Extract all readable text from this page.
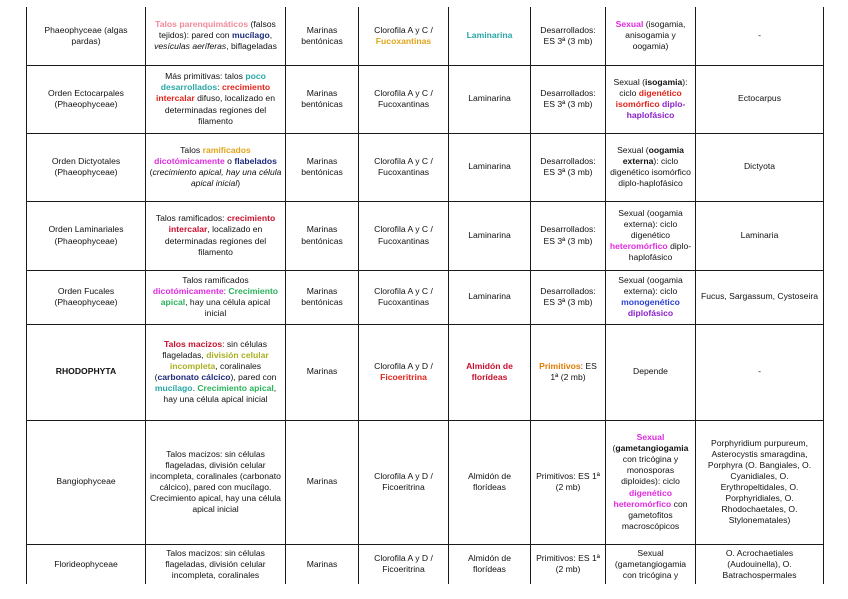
Phaeophyceae (algas pardas)	Talos parenquimáticos (falsos tejidos): pared con mucílago, vesículas aeríferas, biflageladas	Marinas bentónicas	Clorofila A y C / Fucoxantinas	Laminarina	Desarrollados: ES 3ª (3 mb)	Sexual (isogamia, anisogamia y oogamia)	-
Orden Ectocarpales (Phaeophyceae)	Más primitivas: talos poco desarrollados: crecimiento intercalar difuso, localizado en determinadas regiones del filamento	Marinas bentónicas	Clorofila A y C / Fucoxantinas	Laminarina	Desarrollados: ES 3ª (3 mb)	Sexual (isogamia): ciclo digenético isomórfico diplo-haplofásico	Ectocarpus
Orden Dictyotales (Phaeophyceae)	Talos ramificados dicotómicamente o flabelados (crecimiento apical, hay una célula apical inicial)	Marinas bentónicas	Clorofila A y C / Fucoxantinas	Laminarina	Desarrollados: ES 3ª (3 mb)	Sexual (oogamia externa): ciclo digenético isomórfico diplo-haplofásico	Dictyota
Orden Laminariales (Phaeophyceae)	Talos ramificados: crecimiento intercalar, localizado en determinadas regiones del filamento	Marinas bentónicas	Clorofila A y C / Fucoxantinas	Laminarina	Desarrollados: ES 3ª (3 mb)	Sexual (oogamia externa): ciclo digenético heteromórfico diplo-haplofásico	Laminaria
Orden Fucales (Phaeophyceae)	Talos ramificados dicotómicamente: Crecimiento apical, hay una célula apical inicial	Marinas bentónicas	Clorofila A y C / Fucoxantinas	Laminarina	Desarrollados: ES 3ª (3 mb)	Sexual (oogamia externa): ciclo monogenético diplofásico	Fucus, Sargassum, Cystoseira
RHODOPHYTA	Talos macizos: sin células flageladas, división celular incompleta, coralinales (carbonato cálcico), pared con mucílago. Crecimiento apical, hay una célula apical inicial	Marinas	Clorofila A y D / Ficoeritrina	Almidón de florídeas	Primitivos: ES 1ª (2 mb)	Depende	-
Bangiophyceae	Talos macizos: sin células flageladas, división celular incompleta, coralinales (carbonato cálcico), pared con mucílago. Crecimiento apical, hay una célula apical inicial	Marinas	Clorofila A y D / Ficoeritrina	Almidón de florídeas	Primitivos: ES 1ª (2 mb)	Sexual (gametangiogamia con tricógina y monosporas diploides): ciclo digenético heteromórfico con gametofitos macroscópicos	Porphyridium purpureum, Asterocystis smaragdina, Porphyra (O. Bangiales, O. Cyanidiales, O. Erythropeltidales, O. Porphyridiales, O. Rhodochaetales, O. Stylonematales)
Florideophyceae	Talos macizos: sin células flageladas, división celular incompleta, coralinales	Marinas	Clorofila A y D / Ficoeritrina	Almidón de florídeas	Primitivos: ES 1ª (2 mb)	Sexual (gametangiogamia con tricógina y	O. Acrochaetiales (Audouinella), O. Batrachospermales
